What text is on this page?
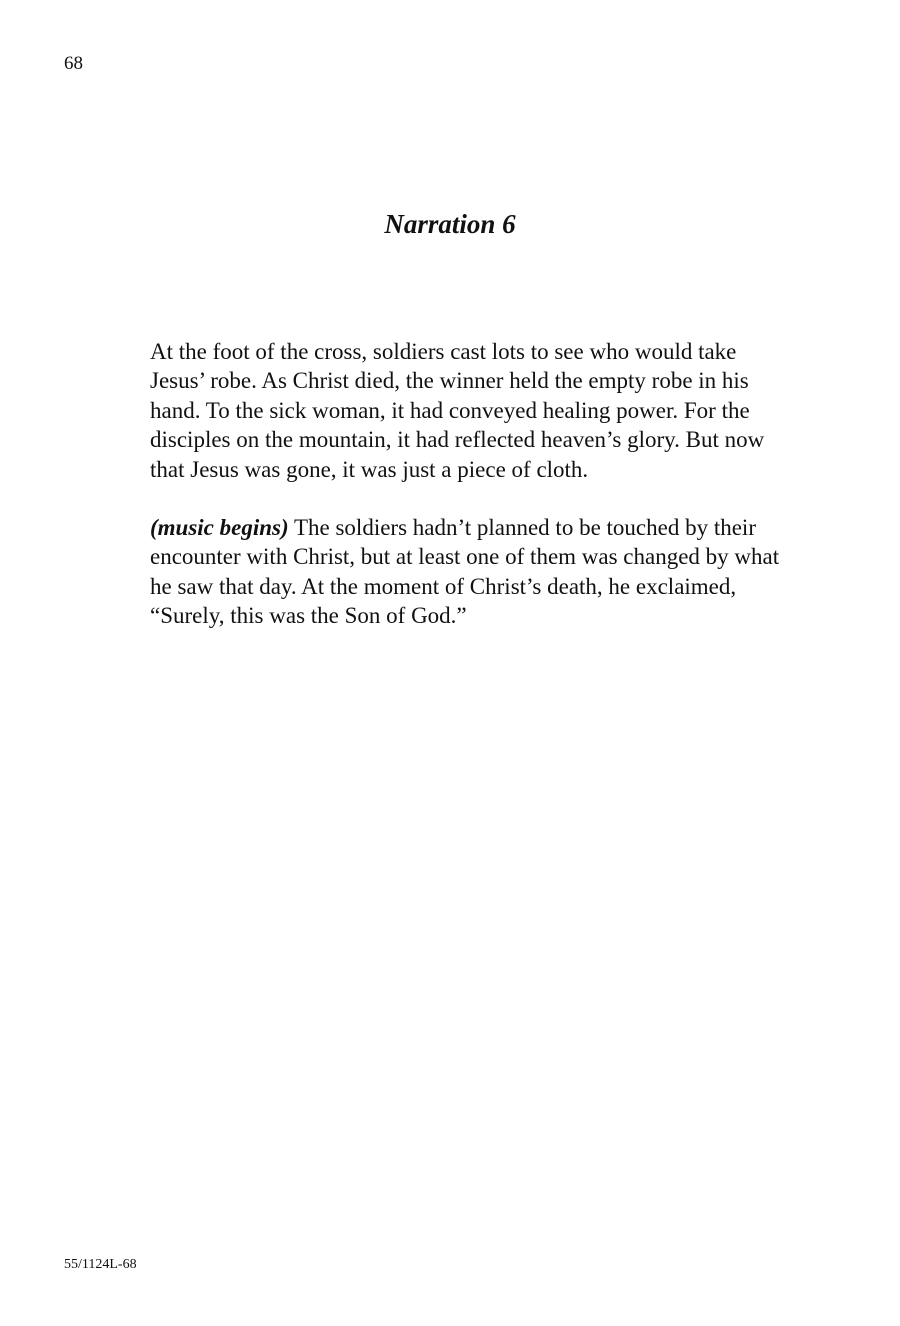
68
Narration 6

At the foot of the cross, soldiers cast lots to see who would take Jesus’ robe. As Christ died, the winner held the empty robe in his hand. To the sick woman, it had conveyed healing power. For the disciples on the mountain, it had reflected heaven’s glory. But now that Jesus was gone, it was just a piece of cloth.

(music begins) The soldiers hadn’t planned to be touched by their encounter with Christ, but at least one of them was changed by what he saw that day. At the moment of Christ’s death, he exclaimed, “Surely, this was the Son of God.”

55/1124L-68
